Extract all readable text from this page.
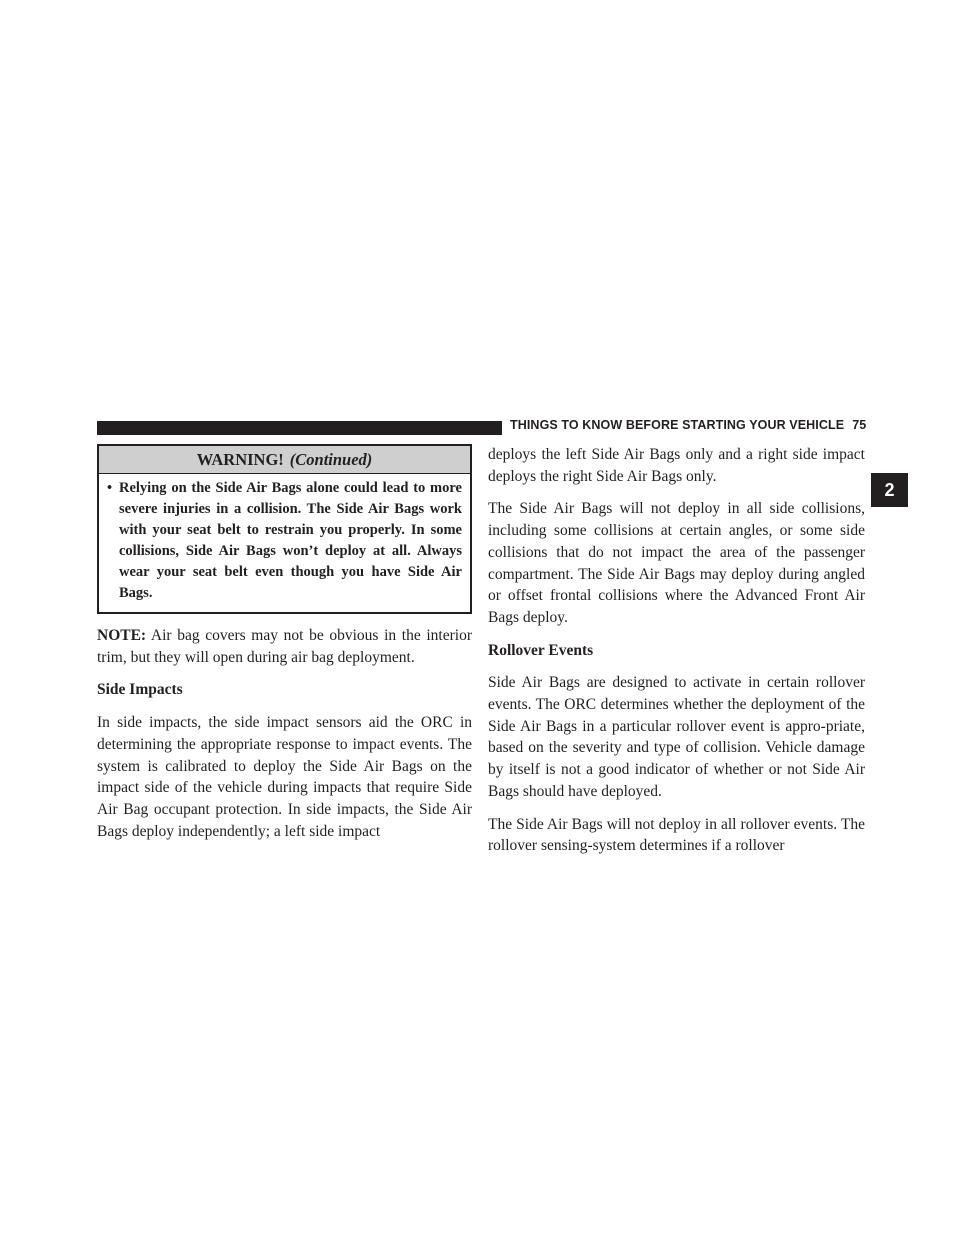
THINGS TO KNOW BEFORE STARTING YOUR VEHICLE 75
2
WARNING! (Continued)
• Relying on the Side Air Bags alone could lead to more severe injuries in a collision. The Side Air Bags work with your seat belt to restrain you properly. In some collisions, Side Air Bags won’t deploy at all. Always wear your seat belt even though you have Side Air Bags.

NOTE: Air bag covers may not be obvious in the interior trim, but they will open during air bag deployment.

Side Impacts

In side impacts, the side impact sensors aid the ORC in determining the appropriate response to impact events. The system is calibrated to deploy the Side Air Bags on the impact side of the vehicle during impacts that require Side Air Bag occupant protection. In side impacts, the Side Air Bags deploy independently; a left side impact

deploys the left Side Air Bags only and a right side impact deploys the right Side Air Bags only.

The Side Air Bags will not deploy in all side collisions, including some collisions at certain angles, or some side collisions that do not impact the area of the passenger compartment. The Side Air Bags may deploy during angled or offset frontal collisions where the Advanced Front Air Bags deploy.

Rollover Events

Side Air Bags are designed to activate in certain rollover events. The ORC determines whether the deployment of the Side Air Bags in a particular rollover event is appro-priate, based on the severity and type of collision. Vehicle damage by itself is not a good indicator of whether or not Side Air Bags should have deployed.

The Side Air Bags will not deploy in all rollover events. The rollover sensing-system determines if a rollover
